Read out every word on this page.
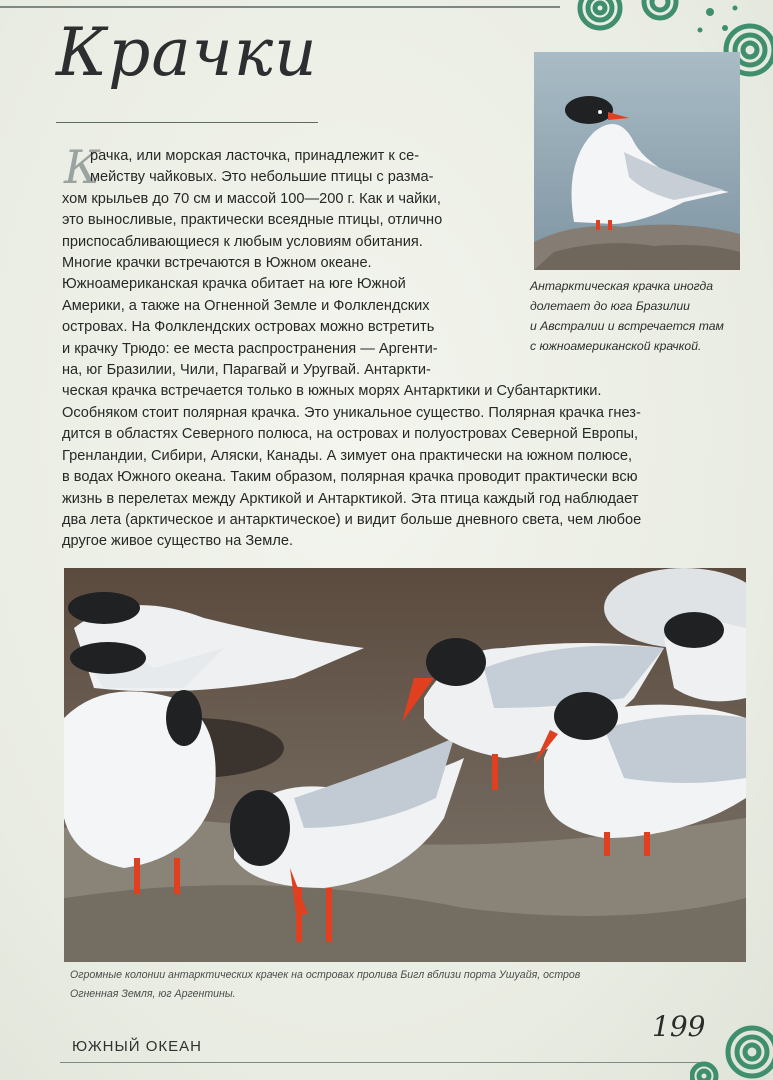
Крачки
Антарктическая крачка иногда
долетает до юга Бразилии
и Австралии и встречается там
с южноамериканской крачкой.
К
рачка, или морская ласточка, принадлежит к се-
мейству чайковых. Это небольшие птицы с разма-
хом крыльев до 70 см и массой 100—200 г. Как и чайки,
это выносливые, практически всеядные птицы, отлично
приспосабливающиеся к любым условиям обитания.
Многие крачки встречаются в Южном океане.
Южноамериканская крачка обитает на юге Южной
Америки, а также на Огненной Земле и Фолклендских
островах. На Фолклендских островах можно встретить
и крачку Трюдо: ее места распространения — Аргенти-
на, юг Бразилии, Чили, Парагвай и Уругвай. Антаркти-
ческая крачка встречается только в южных морях Антарктики и Субантарктики.
Особняком стоит полярная крачка. Это уникальное существо. Полярная крачка гнез-
дится в областях Северного полюса, на островах и полуостровах Северной Европы,
Гренландии, Сибири, Аляски, Канады. А зимует она практически на южном полюсе,
в водах Южного океана. Таким образом, полярная крачка проводит практически всю
жизнь в перелетах между Арктикой и Антарктикой. Эта птица каждый год наблюдает
два лета (арктическое и антарктическое) и видит больше дневного света, чем любое
другое живое существо на Земле.
Огромные колонии антарктических крачек на островах пролива Бигл вблизи порта Ушуайя, остров
Огненная Земля, юг Аргентины.
199
ЮЖНЫЙ ОКЕАН
